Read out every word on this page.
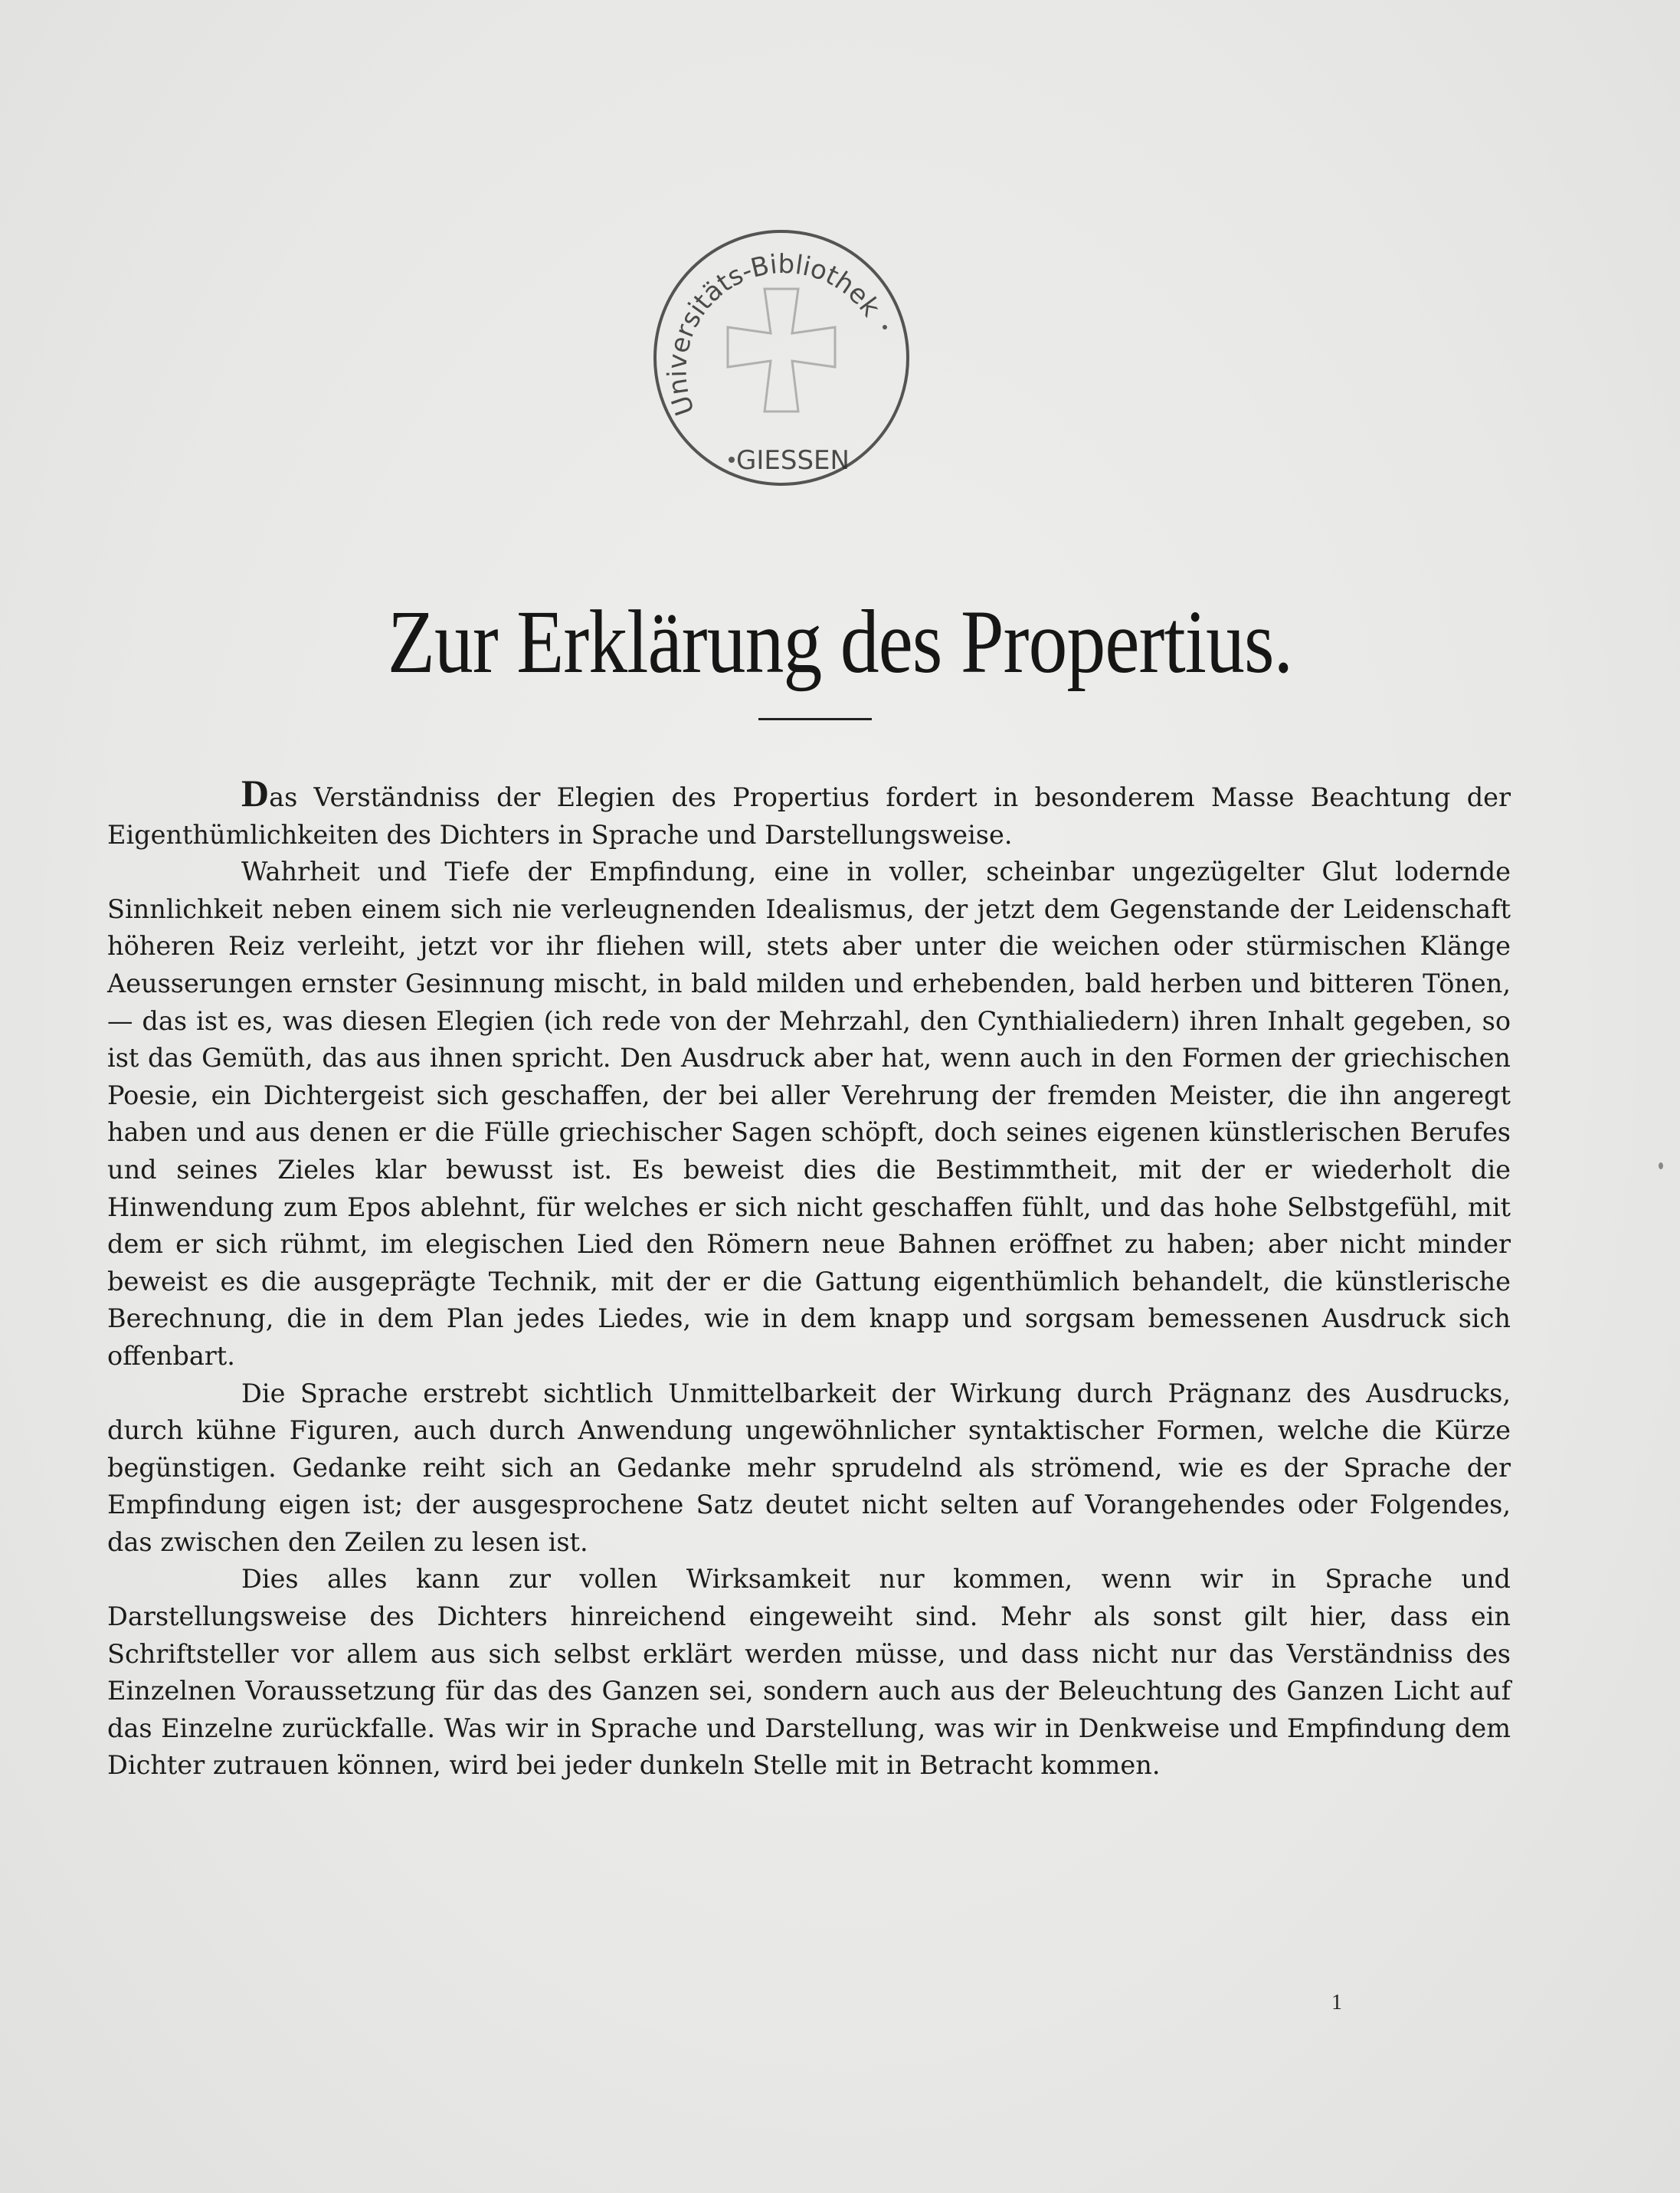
Universitäts-Bibliothek
GIESSEN
Zur Erklärung des Propertius.

Das Verständniss der Elegien des Propertius fordert in besonderem Masse Beachtung der Eigenthümlichkeiten des Dichters in Sprache und Darstellungsweise.

Wahrheit und Tiefe der Empfindung, eine in voller, scheinbar ungezügelter Glut lodernde Sinnlichkeit neben einem sich nie verleugnenden Idealismus, der jetzt dem Gegenstande der Leidenschaft höheren Reiz verleiht, jetzt vor ihr fliehen will, stets aber unter die weichen oder stürmischen Klänge Aeusserungen ernster Gesinnung mischt, in bald milden und erhebenden, bald herben und bitteren Tönen, — das ist es, was diesen Elegien (ich rede von der Mehrzahl, den Cynthialiedern) ihren Inhalt gegeben, so ist das Gemüth, das aus ihnen spricht. Den Ausdruck aber hat, wenn auch in den Formen der griechischen Poesie, ein Dichtergeist sich geschaffen, der bei aller Verehrung der fremden Meister, die ihn angeregt haben und aus denen er die Fülle griechischer Sagen schöpft, doch seines eigenen künstlerischen Berufes und seines Zieles klar bewusst ist. Es beweist dies die Bestimmtheit, mit der er wiederholt die Hinwendung zum Epos ablehnt, für welches er sich nicht geschaffen fühlt, und das hohe Selbstgefühl, mit dem er sich rühmt, im elegischen Lied den Römern neue Bahnen eröffnet zu haben; aber nicht minder beweist es die ausgeprägte Technik, mit der er die Gattung eigenthümlich behandelt, die künstlerische Berechnung, die in dem Plan jedes Liedes, wie in dem knapp und sorgsam bemessenen Ausdruck sich offenbart.

Die Sprache erstrebt sichtlich Unmittelbarkeit der Wirkung durch Prägnanz des Ausdrucks, durch kühne Figuren, auch durch Anwendung ungewöhnlicher syntaktischer Formen, welche die Kürze begünstigen. Gedanke reiht sich an Gedanke mehr sprudelnd als strömend, wie es der Sprache der Empfindung eigen ist; der ausgesprochene Satz deutet nicht selten auf Vorangehendes oder Folgendes, das zwischen den Zeilen zu lesen ist.

Dies alles kann zur vollen Wirksamkeit nur kommen, wenn wir in Sprache und Darstellungsweise des Dichters hinreichend eingeweiht sind. Mehr als sonst gilt hier, dass ein Schriftsteller vor allem aus sich selbst erklärt werden müsse, und dass nicht nur das Verständniss des Einzelnen Voraussetzung für das des Ganzen sei, sondern auch aus der Beleuchtung des Ganzen Licht auf das Einzelne zurückfalle. Was wir in Sprache und Darstellung, was wir in Denkweise und Empfindung dem Dichter zutrauen können, wird bei jeder dunkeln Stelle mit in Betracht kommen.

1
